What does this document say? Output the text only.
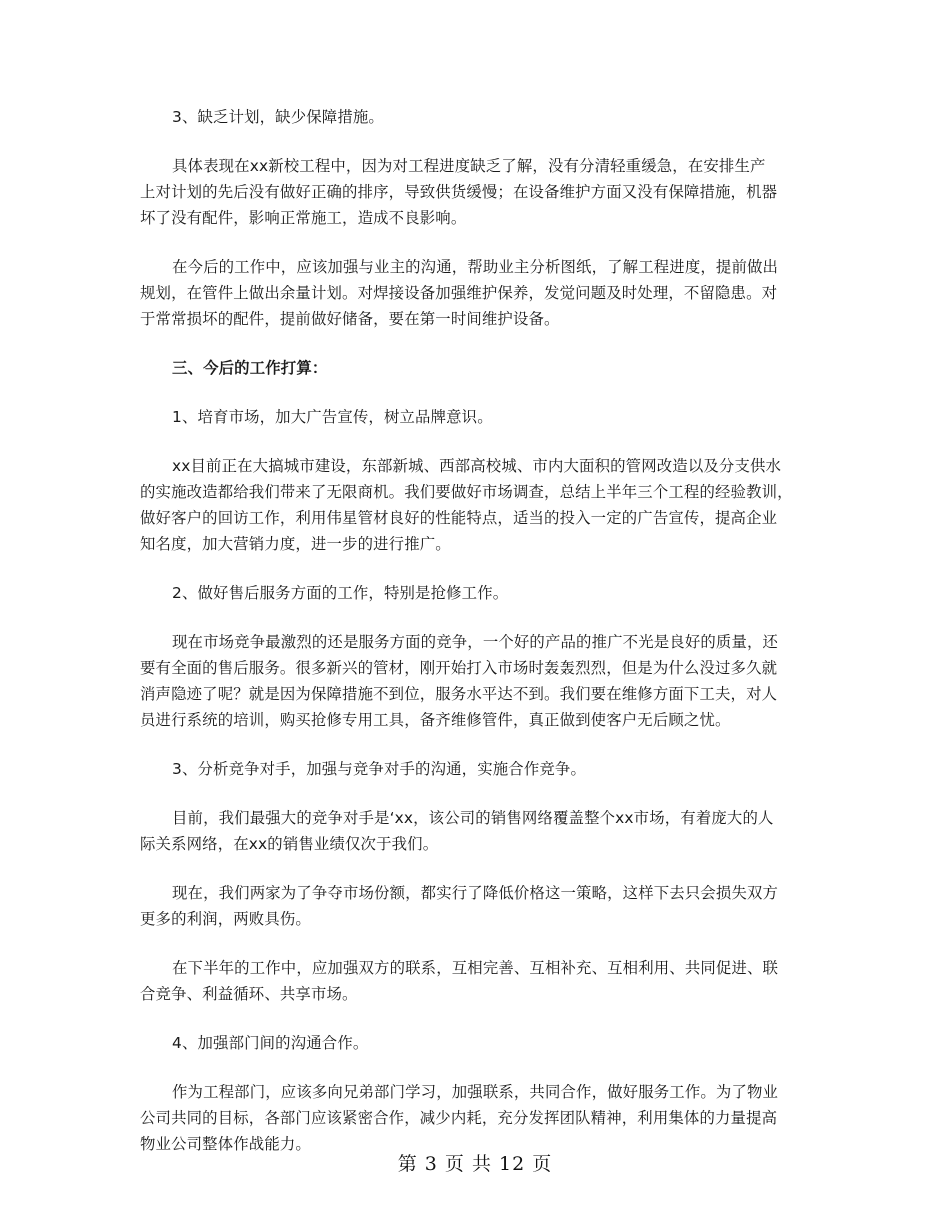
3、缺乏计划，缺少保障措施。
具体表现在xx新校工程中，因为对工程进度缺乏了解，没有分清轻重缓急，在安排生产
上对计划的先后没有做好正确的排序，导致供货缓慢；在设备维护方面又没有保障措施，机器
坏了没有配件，影响正常施工，造成不良影响。
在今后的工作中，应该加强与业主的沟通，帮助业主分析图纸，了解工程进度，提前做出
规划，在管件上做出余量计划。对焊接设备加强维护保养，发觉问题及时处理，不留隐患。对
于常常损坏的配件，提前做好储备，要在第一时间维护设备。
三、今后的工作打算：
1、培育市场，加大广告宣传，树立品牌意识。
xx目前正在大搞城市建设，东部新城、西部高校城、市内大面积的管网改造以及分支供水
的实施改造都给我们带来了无限商机。我们要做好市场调查，总结上半年三个工程的经验教训，
做好客户的回访工作，利用伟星管材良好的性能特点，适当的投入一定的广告宣传，提高企业
知名度，加大营销力度，进一步的进行推广。
2、做好售后服务方面的工作，特别是抢修工作。
现在市场竞争最激烈的还是服务方面的竞争，一个好的产品的推广不光是良好的质量，还
要有全面的售后服务。很多新兴的管材，刚开始打入市场时轰轰烈烈，但是为什么没过多久就
消声隐迹了呢？就是因为保障措施不到位，服务水平达不到。我们要在维修方面下工夫，对人
员进行系统的培训，购买抢修专用工具，备齐维修管件，真正做到使客户无后顾之忧。
3、分析竞争对手，加强与竞争对手的沟通，实施合作竞争。
目前，我们最强大的竞争对手是‘xx，该公司的销售网络覆盖整个xx市场，有着庞大的人
际关系网络，在xx的销售业绩仅次于我们。
现在，我们两家为了争夺市场份额，都实行了降低价格这一策略，这样下去只会损失双方
更多的利润，两败具伤。
在下半年的工作中，应加强双方的联系，互相完善、互相补充、互相利用、共同促进、联
合竞争、利益循环、共享市场。
4、加强部门间的沟通合作。
作为工程部门，应该多向兄弟部门学习，加强联系，共同合作，做好服务工作。为了物业
公司共同的目标，各部门应该紧密合作，减少内耗，充分发挥团队精神，利用集体的力量提高
物业公司整体作战能力。
第 3 页 共 12 页
